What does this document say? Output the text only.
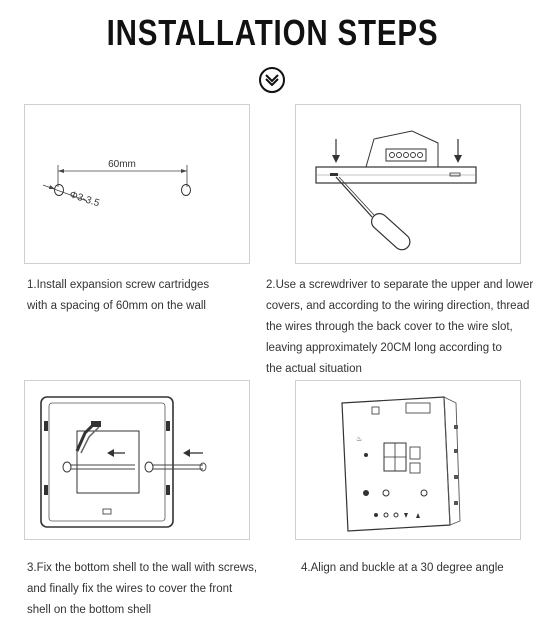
INSTALLATION STEPS
60mm
Φ3-3.5
♨
1.Install expansion screw cartridges
with a spacing of 60mm on the wall
2.Use a screwdriver to separate the upper and lower
covers, and according to the wiring direction, thread
the wires through the back cover to the wire slot,
leaving approximately 20CM long according to
the actual situation
3.Fix the bottom shell to the wall with screws,
and finally fix the wires to cover the front
shell on the bottom shell
4.Align and buckle at a 30 degree angle
